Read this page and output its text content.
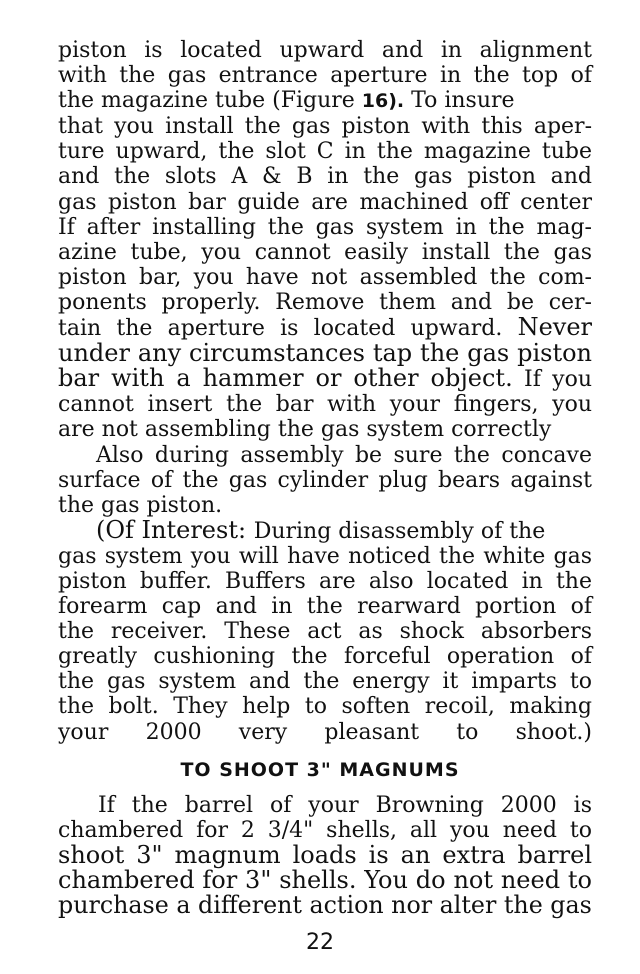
piston is located upward and in alignment
with the gas entrance aperture in the top of
the magazine tube (Figure 16). To insure
that you install the gas piston with this aper-
ture upward, the slot C in the magazine tube
and the slots A & B in the gas piston and
gas piston bar guide are machined off center
If after installing the gas system in the mag-
azine tube, you cannot easily install the gas
piston bar, you have not assembled the com-
ponents properly. Remove them and be cer-
tain the aperture is located upward. Never
under any circumstances tap the gas piston
bar with a hammer or other object. If you
cannot insert the bar with your fingers, you
are not assembling the gas system correctly
Also during assembly be sure the concave
surface of the gas cylinder plug bears against
the gas piston.
(Of Interest: During disassembly of the
gas system you will have noticed the white gas
piston buffer. Buffers are also located in the
forearm cap and in the rearward portion of
the receiver. These act as shock absorbers
greatly cushioning the forceful operation of
the gas system and the energy it imparts to
the bolt. They help to soften recoil, making
your 2000 very pleasant to shoot.)
TO SHOOT 3" MAGNUMS
If the barrel of your Browning 2000 is
chambered for 2 3/4" shells, all you need to
shoot 3" magnum loads is an extra barrel
chambered for 3" shells. You do not need to
purchase a different action nor alter the gas
22
